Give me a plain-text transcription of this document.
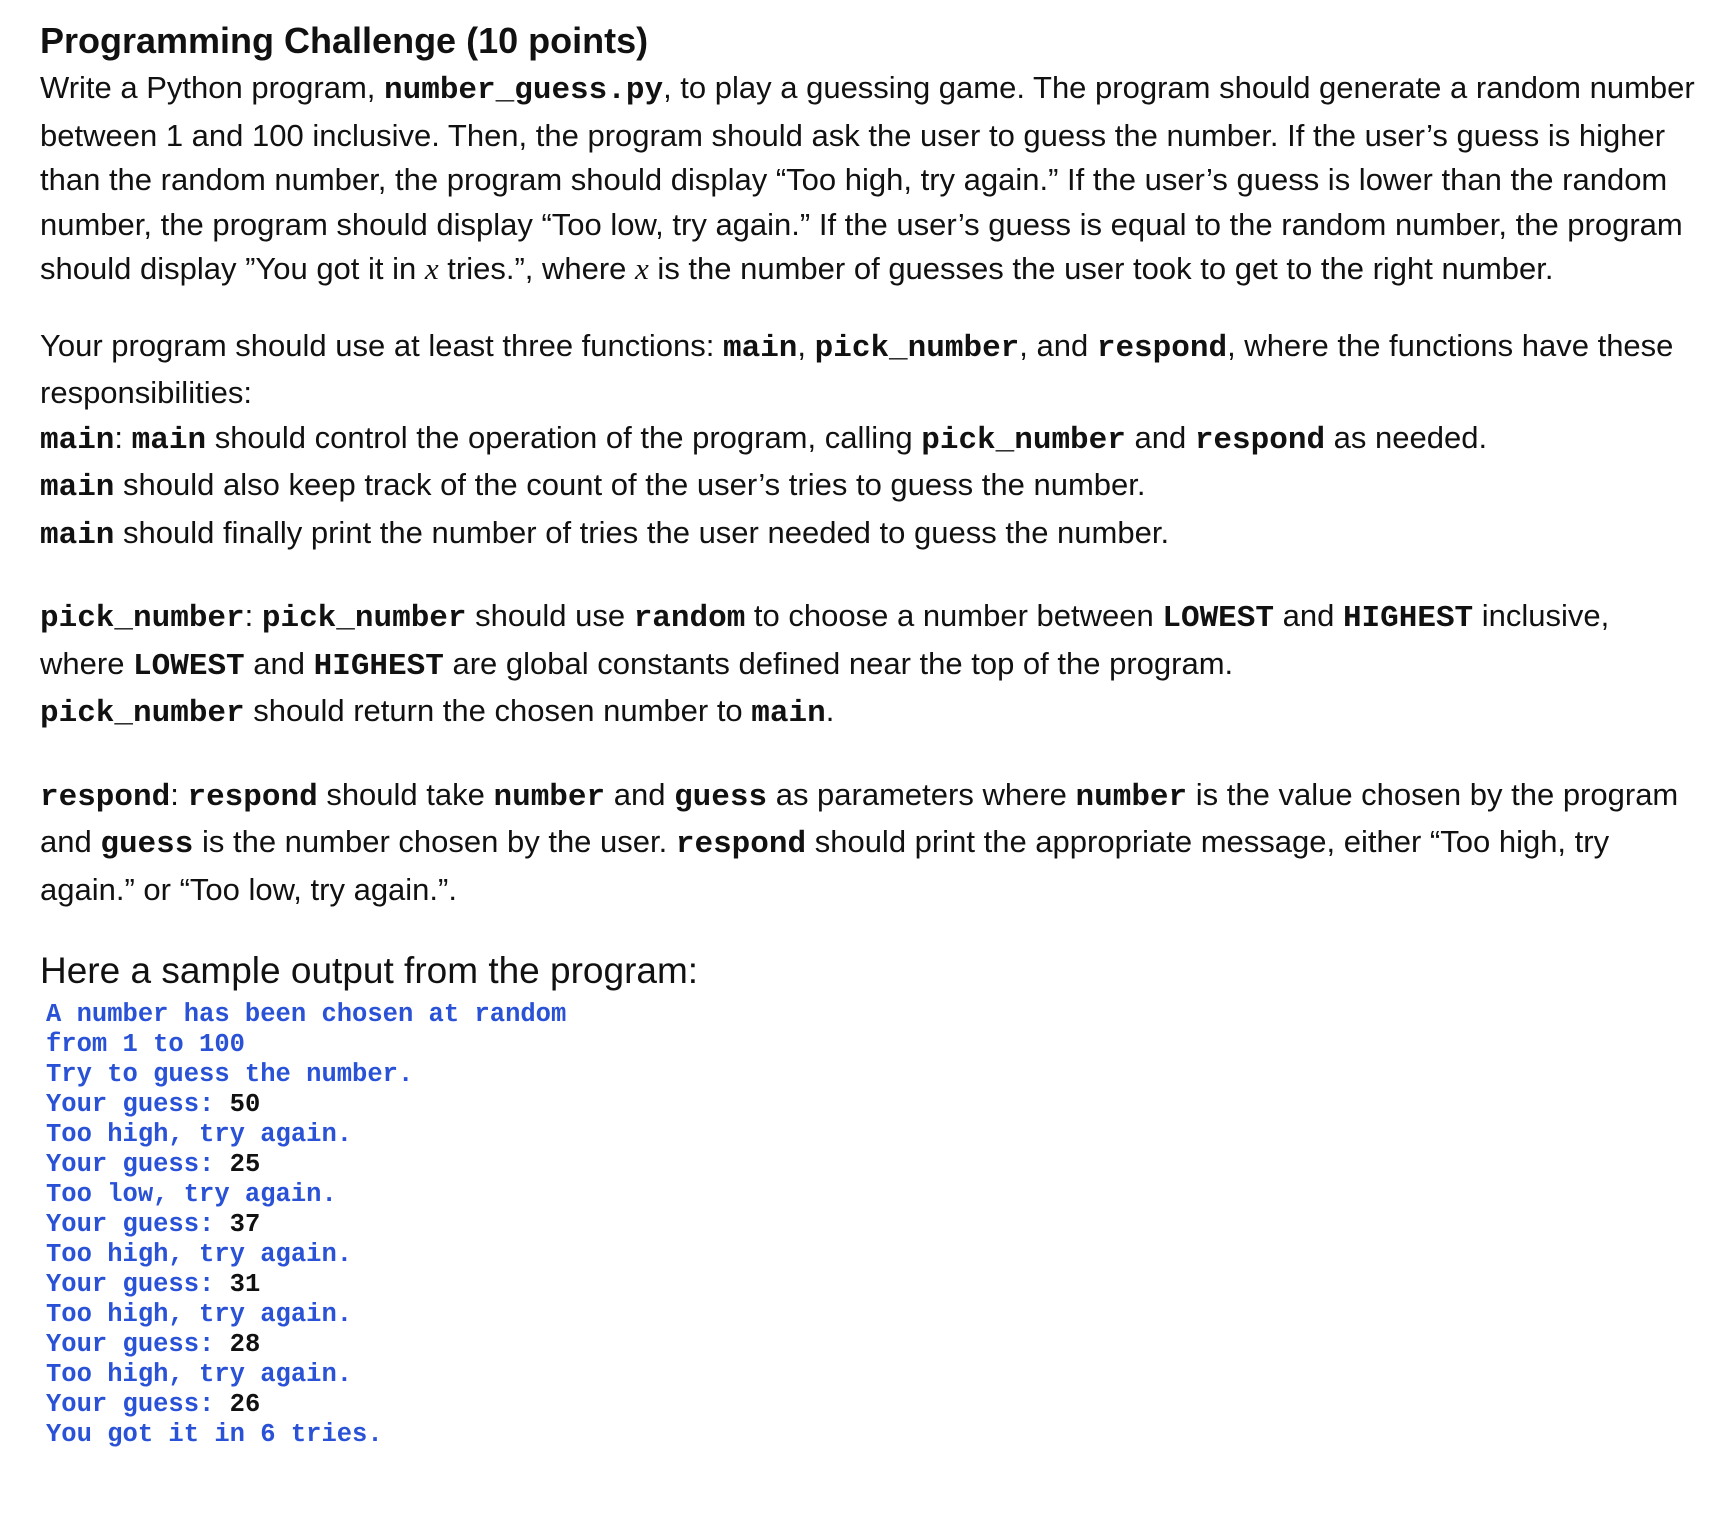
Programming Challenge (10 points)

Write a Python program, number_guess.py, to play a guessing game. The program should generate a random number between 1 and 100 inclusive. Then, the program should ask the user to guess the number. If the user’s guess is higher than the random number, the program should display “Too high, try again.” If the user’s guess is lower than the random number, the program should display “Too low, try again.” If the user’s guess is equal to the random number, the program should display ”You got it in x tries.”, where x is the number of guesses the user took to get to the right number.

Your program should use at least three functions: main, pick_number, and respond, where the functions have these responsibilities:

main: main should control the operation of the program, calling pick_number and respond as needed.
main should also keep track of the count of the user’s tries to guess the number.
main should finally print the number of tries the user needed to guess the number.

pick_number: pick_number should use random to choose a number between LOWEST and HIGHEST inclusive, where LOWEST and HIGHEST are global constants defined near the top of the program.
pick_number should return the chosen number to main.

respond: respond should take number and guess as parameters where number is the value chosen by the program and guess is the number chosen by the user. respond should print the appropriate message, either “Too high, try again.” or “Too low, try again.”.

Here a sample output from the program:

A number has been chosen at random
from 1 to 100
Try to guess the number.
Your guess: 50
Too high, try again.
Your guess: 25
Too low, try again.
Your guess: 37
Too high, try again.
Your guess: 31
Too high, try again.
Your guess: 28
Too high, try again.
Your guess: 26
You got it in 6 tries.
